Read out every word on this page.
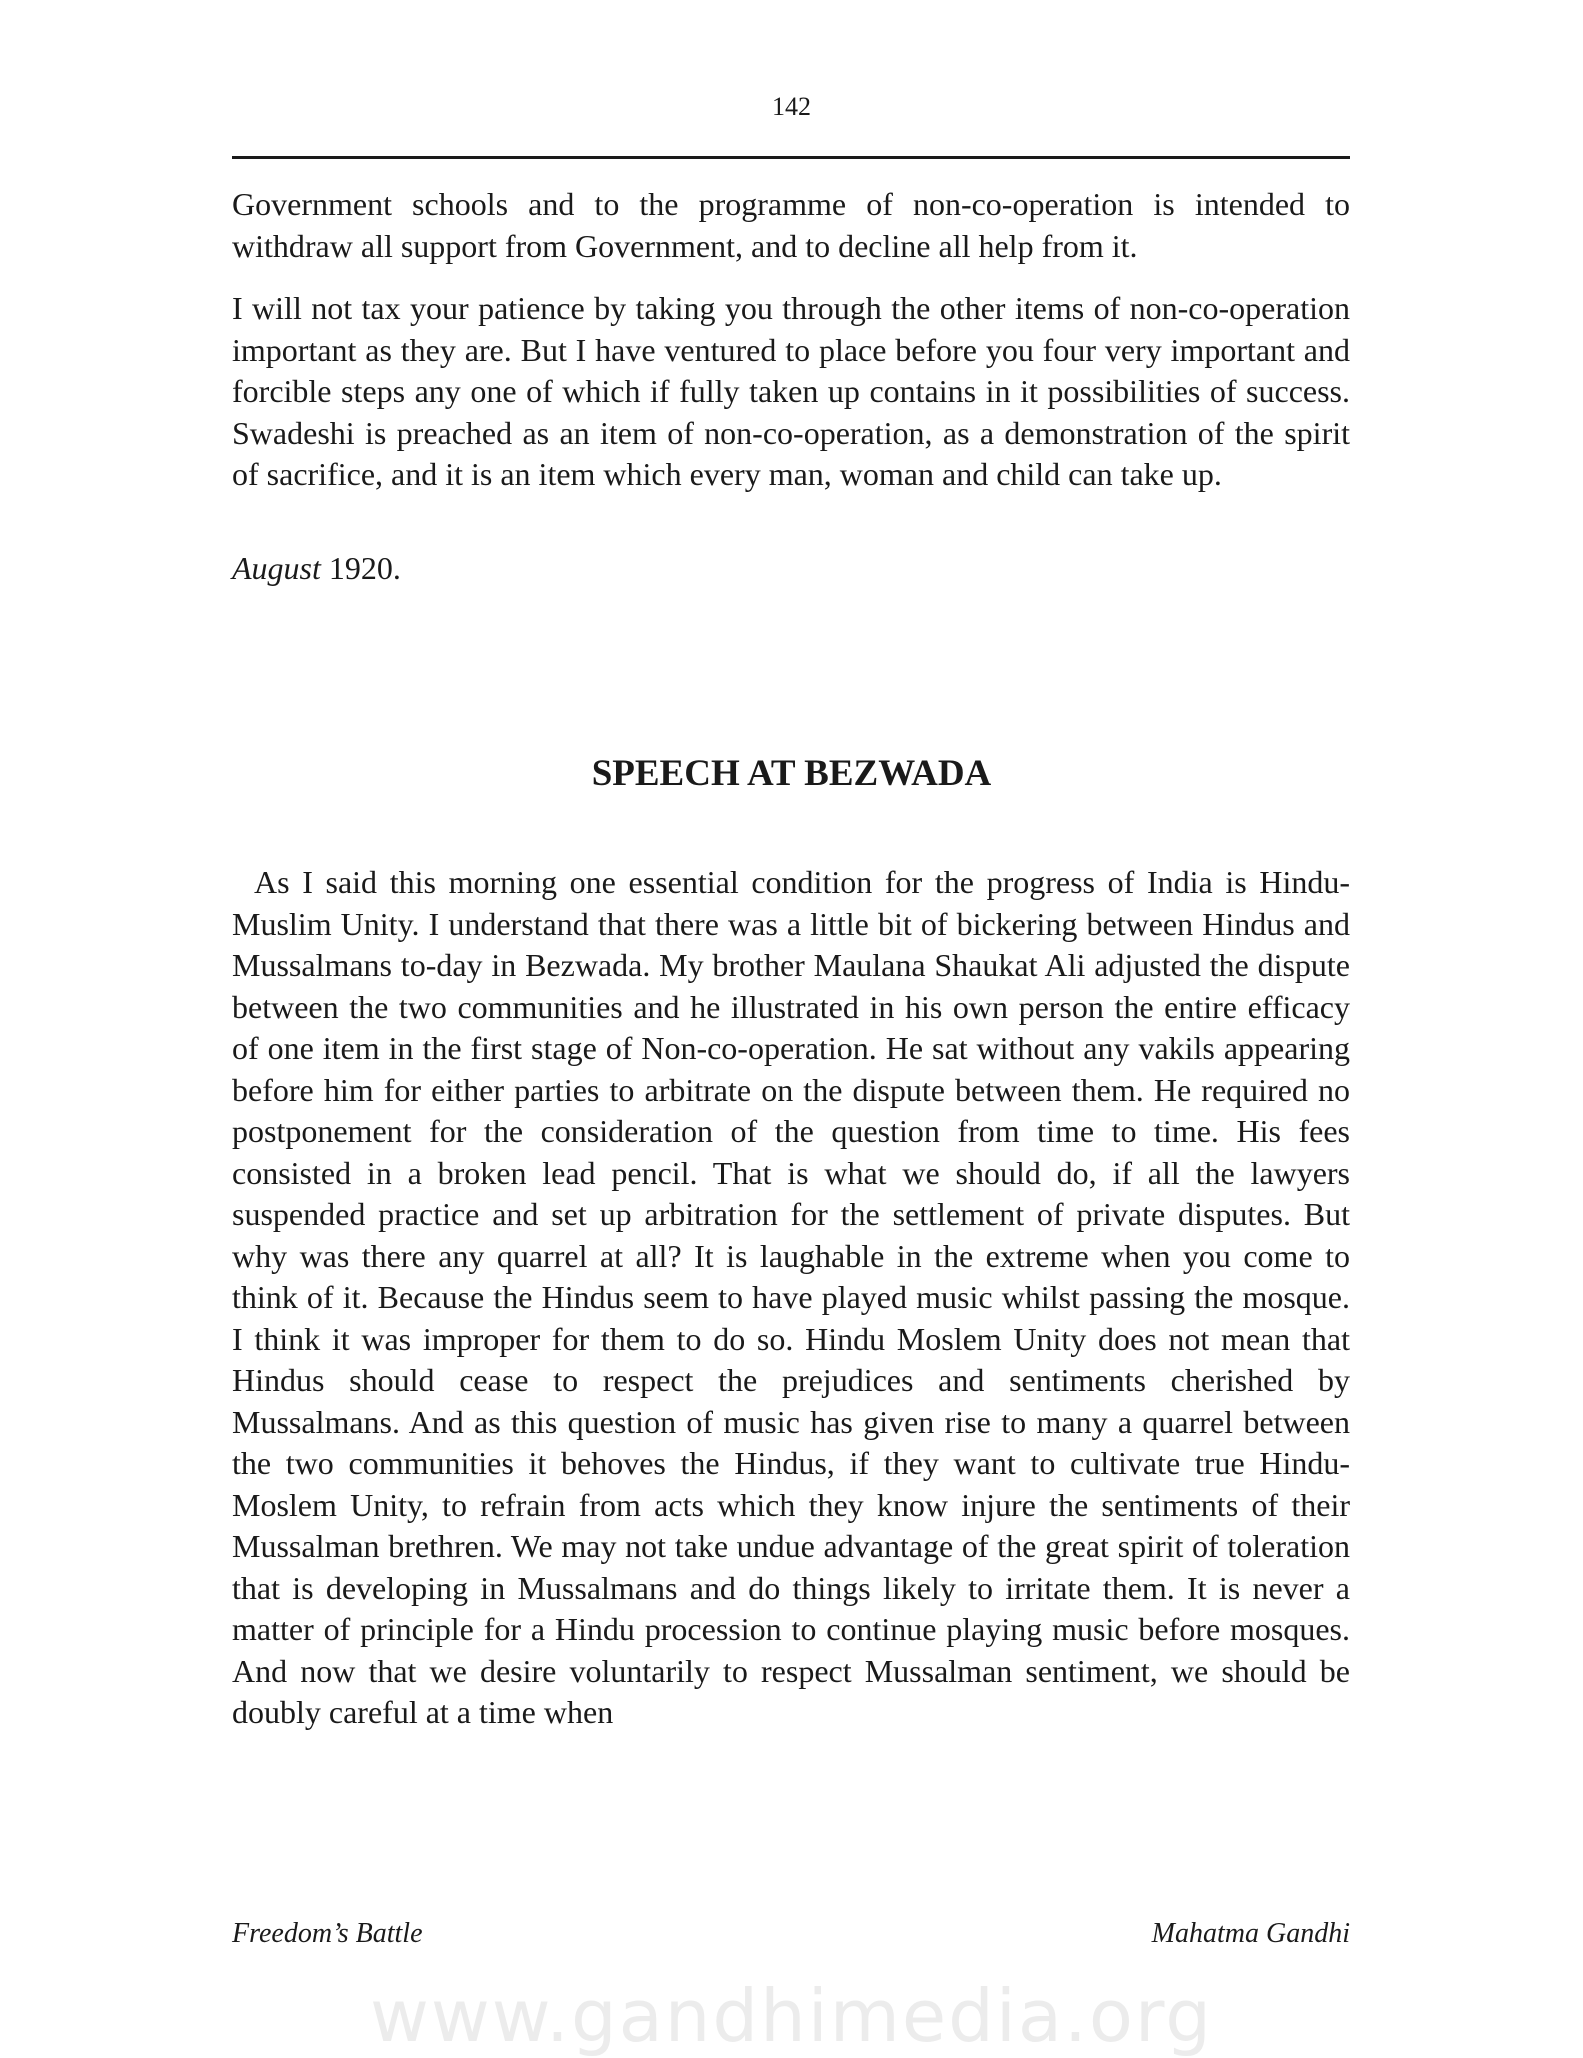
142

Government schools and to the programme of non-co-operation is intended to withdraw all support from Government, and to decline all help from it.

I will not tax your patience by taking you through the other items of non-co-operation important as they are. But I have ventured to place before you four very important and forcible steps any one of which if fully taken up contains in it possibilities of success. Swadeshi is preached as an item of non-co-operation, as a demonstration of the spirit of sacrifice, and it is an item which every man, woman and child can take up.

August 1920.

SPEECH AT BEZWADA

As I said this morning one essential condition for the progress of India is Hindu-Muslim Unity. I understand that there was a little bit of bickering between Hindus and Mussalmans to-day in Bezwada. My brother Maulana Shaukat Ali adjusted the dispute between the two communities and he illustrated in his own person the entire efficacy of one item in the first stage of Non-co-operation. He sat without any vakils appearing before him for either parties to arbitrate on the dispute between them. He required no postponement for the consideration of the question from time to time. His fees consisted in a broken lead pencil. That is what we should do, if all the lawyers suspended practice and set up arbitration for the settlement of private disputes. But why was there any quarrel at all? It is laughable in the extreme when you come to think of it. Because the Hindus seem to have played music whilst passing the mosque. I think it was improper for them to do so. Hindu Moslem Unity does not mean that Hindus should cease to respect the prejudices and sentiments cherished by Mussalmans. And as this question of music has given rise to many a quarrel between the two communities it behoves the Hindus, if they want to cultivate true Hindu-Moslem Unity, to refrain from acts which they know injure the sentiments of their Mussalman brethren. We may not take undue advantage of the great spirit of toleration that is developing in Mussalmans and do things likely to irritate them. It is never a matter of principle for a Hindu procession to continue playing music before mosques. And now that we desire voluntarily to respect Mussalman sentiment, we should be doubly careful at a time when

Freedom’s Battle	Mahatma Gandhi
www.gandhimedia.org
